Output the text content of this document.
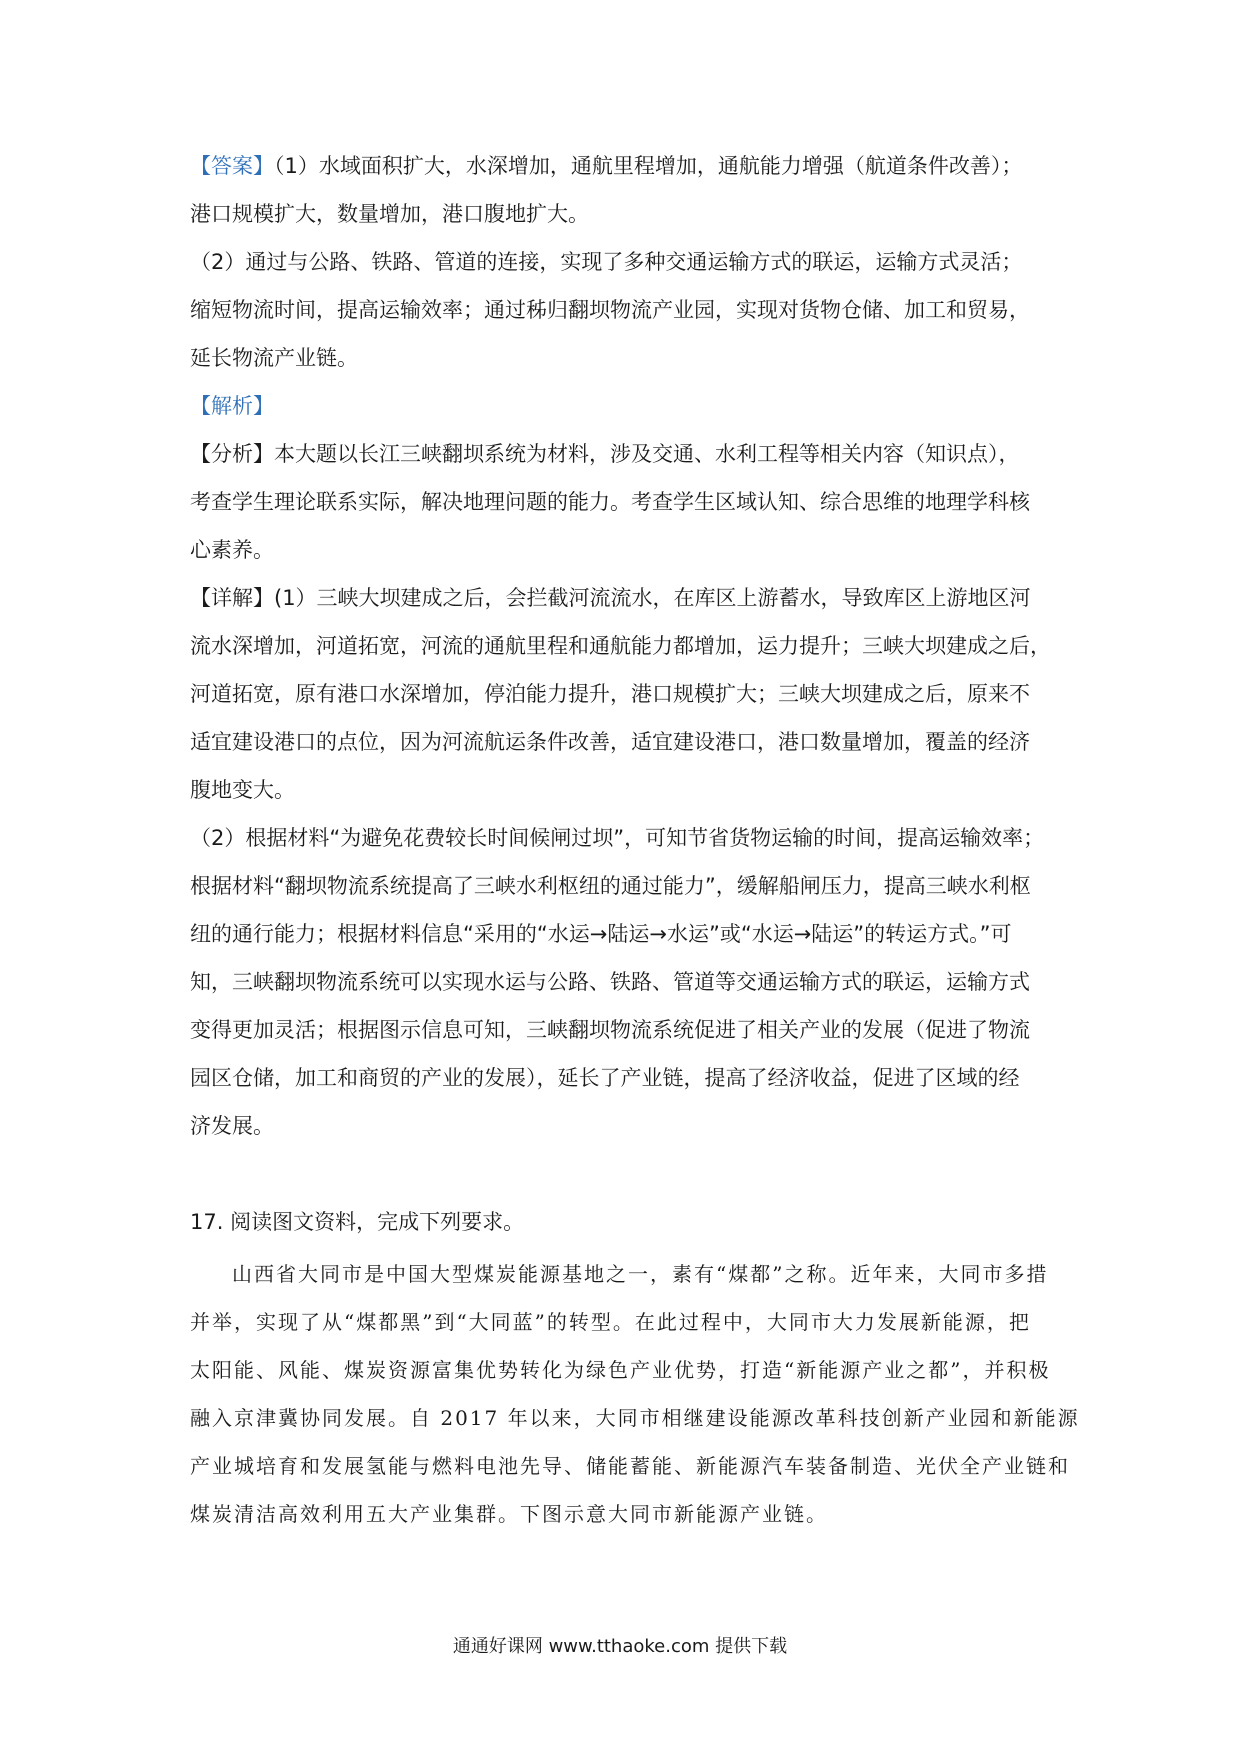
【答案】（1）水域面积扩大，水深增加，通航里程增加，通航能力增强（航道条件改善）；
港口规模扩大，数量增加，港口腹地扩大。
（2）通过与公路、铁路、管道的连接，实现了多种交通运输方式的联运，运输方式灵活；
缩短物流时间，提高运输效率；通过秭归翻坝物流产业园，实现对货物仓储、加工和贸易，
延长物流产业链。
【解析】
【分析】本大题以长江三峡翻坝系统为材料，涉及交通、水利工程等相关内容（知识点），
考查学生理论联系实际，解决地理问题的能力。考查学生区域认知、综合思维的地理学科核
心素养。
【详解】(1）三峡大坝建成之后，会拦截河流流水，在库区上游蓄水，导致库区上游地区河
流水深增加，河道拓宽，河流的通航里程和通航能力都增加，运力提升；三峡大坝建成之后，
河道拓宽，原有港口水深增加，停泊能力提升，港口规模扩大；三峡大坝建成之后，原来不
适宜建设港口的点位，因为河流航运条件改善，适宜建设港口，港口数量增加，覆盖的经济
腹地变大。
（2）根据材料“为避免花费较长时间候闸过坝”，可知节省货物运输的时间，提高运输效率；
根据材料“翻坝物流系统提高了三峡水利枢纽的通过能力”，缓解船闸压力，提高三峡水利枢
纽的通行能力；根据材料信息“采用的“水运→陆运→水运”或“水运→陆运”的转运方式。”可
知，三峡翻坝物流系统可以实现水运与公路、铁路、管道等交通运输方式的联运，运输方式
变得更加灵活；根据图示信息可知，三峡翻坝物流系统促进了相关产业的发展（促进了物流
园区仓储，加工和商贸的产业的发展），延长了产业链，提高了经济收益，促进了区域的经
济发展。
17. 阅读图文资料，完成下列要求。
山西省大同市是中国大型煤炭能源基地之一，素有“煤都”之称。近年来，大同市多措
并举，实现了从“煤都黑”到“大同蓝”的转型。在此过程中，大同市大力发展新能源，把
太阳能、风能、煤炭资源富集优势转化为绿色产业优势，打造“新能源产业之都”，并积极
融入京津冀协同发展。自 2017 年以来，大同市相继建设能源改革科技创新产业园和新能源
产业城培育和发展氢能与燃料电池先导、储能蓄能、新能源汽车装备制造、光伏全产业链和
煤炭清洁高效利用五大产业集群。下图示意大同市新能源产业链。
通通好课网 www.tthaoke.com 提供下载
